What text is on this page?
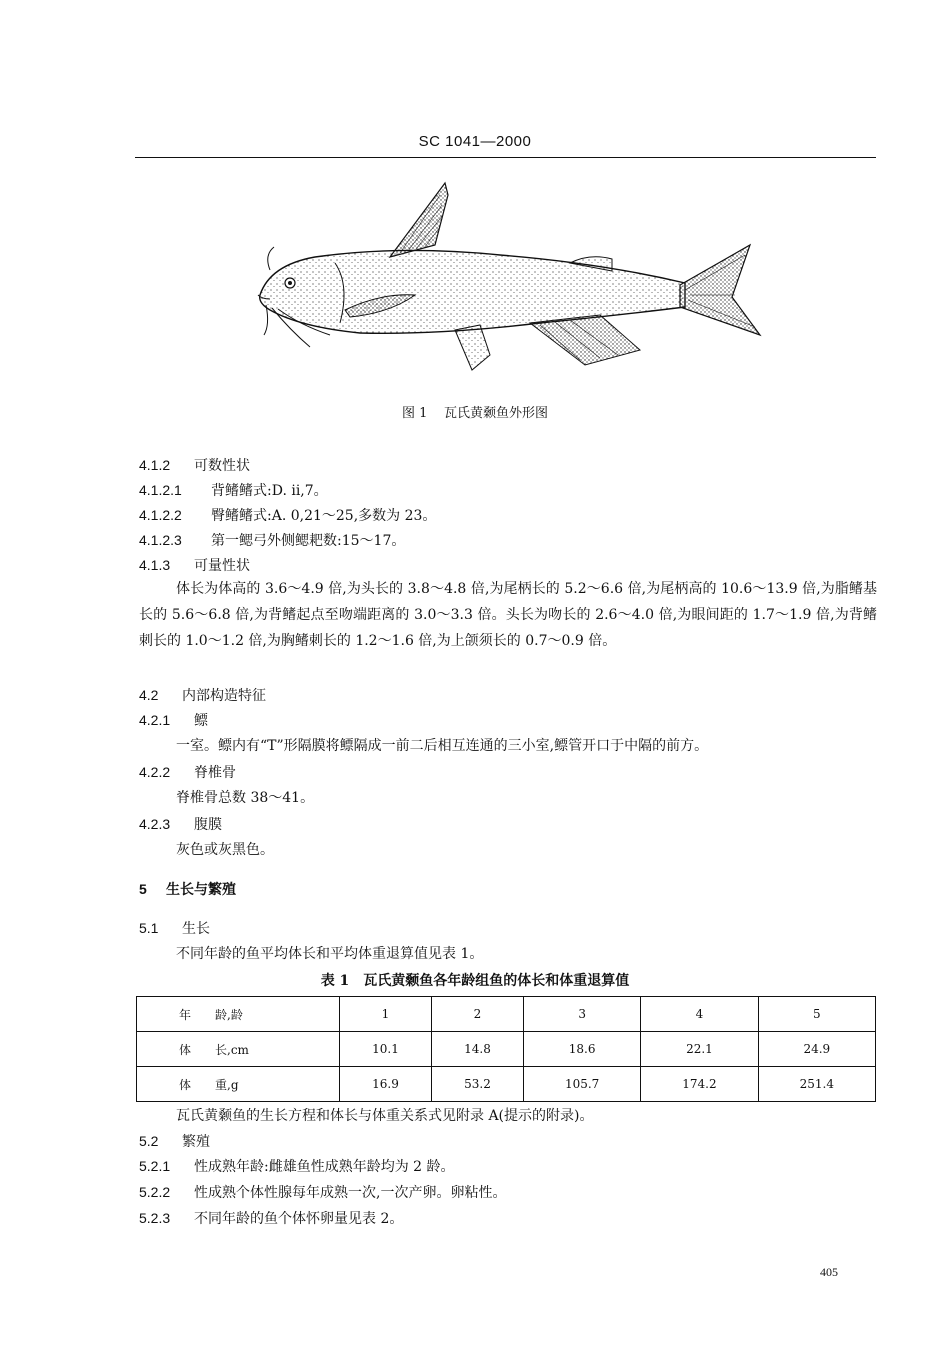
SC 1041—2000
图 1 瓦氏黄颡鱼外形图
4.1.2 可数性状
4.1.2.1 背鳍鳍式:D. ii,7。
4.1.2.2 臀鳍鳍式:A. 0,21～25,多数为 23。
4.1.2.3 第一鳃弓外侧鳃耙数:15～17。
4.1.3 可量性状
体长为体高的 3.6～4.9 倍,为头长的 3.8～4.8 倍,为尾柄长的 5.2～6.6 倍,为尾柄高的 10.6～13.9 倍,为脂鳍基长的 5.6～6.8 倍,为背鳍起点至吻端距离的 3.0～3.3 倍。头长为吻长的 2.6～4.0 倍,为眼间距的 1.7～1.9 倍,为背鳍刺长的 1.0～1.2 倍,为胸鳍刺长的 1.2～1.6 倍,为上颌须长的 0.7～0.9 倍。
4.2 内部构造特征
4.2.1 鳔
一室。鳔内有“T”形隔膜将鳔隔成一前二后相互连通的三小室,鳔管开口于中隔的前方。
4.2.2 脊椎骨
脊椎骨总数 38～41。
4.2.3 腹膜
灰色或灰黑色。
5 生长与繁殖
5.1 生长
不同年龄的鱼平均体长和平均体重退算值见表 1。
表 1　瓦氏黄颡鱼各年龄组鱼的体长和体重退算值
年　　龄,龄	1	2	3	4	5
体　　长,cm	10.1	14.8	18.6	22.1	24.9
体　　重,g	16.9	53.2	105.7	174.2	251.4
瓦氏黄颡鱼的生长方程和体长与体重关系式见附录 A(提示的附录)。
5.2 繁殖
5.2.1 性成熟年龄:雌雄鱼性成熟年龄均为 2 龄。
5.2.2 性成熟个体性腺每年成熟一次,一次产卵。卵粘性。
5.2.3 不同年龄的鱼个体怀卵量见表 2。
405
